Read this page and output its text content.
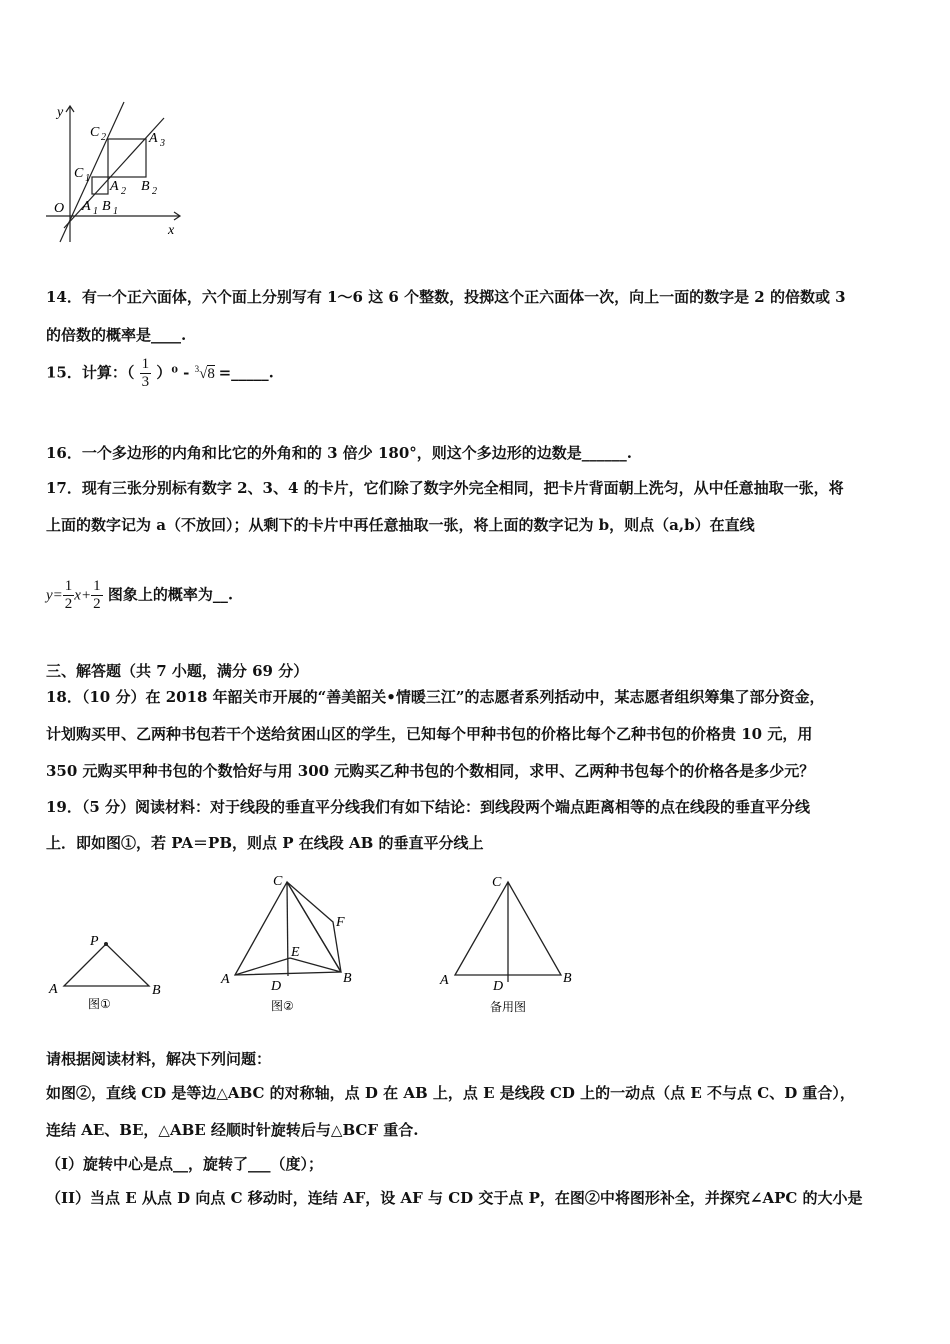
y
x
O
C 2	A 3
C 1
A 2 B 2
A 1 B 1
14．有一个正六面体，六个面上分别写有 1～6 这 6 个整数，投掷这个正六面体一次，向上一面的数字是 2 的倍数或 3
的倍数的概率是____.
15．计算：（ $\frac{1}{3} )^0 - ^3√8$ =_____.
16．一个多边形的内角和比它的外角和的 3 倍少 180°，则这个多边形的边数是______.
17．现有三张分别标有数字 2、3、4 的卡片，它们除了数字外完全相同，把卡片背面朝上洗匀，从中任意抽取一张，将
上面的数字记为 a（不放回）；从剩下的卡片中再任意抽取一张，将上面的数字记为 b，则点（a,b）在直线
$y= \frac{1}{2} x+ \frac{1}{2}$ 图象上的概率为__.
三、解答题（共 7 小题，满分 69 分）
18．（10 分）在 2018 年韶关市开展的“善美韶关•情暖三江”的志愿者系列括动中，某志愿者组织筹集了部分资金，
计划购买甲、乙两种书包若干个送给贫困山区的学生，已知每个甲种书包的价格比每个乙种书包的价格贵 10 元，用
350 元购买甲种书包的个数恰好与用 300 元购买乙种书包的个数相同，求甲、乙两种书包每个的价格各是多少元？
19．（5 分）阅读材料：对于线段的垂直平分线我们有如下结论：到线段两个端点距离相等的点在线段的垂直平分线
上．即如图①，若 PA＝PB，则点 P 在线段 AB 的垂直平分线上
P
A	B
图①
C
F
E
A	D
B
图②
C
A	D
B
备用图
请根据阅读材料，解决下列问题：
如图②，直线 CD 是等边△ABC 的对称轴，点 D 在 AB 上，点 E 是线段 CD 上的一动点（点 E 不与点 C、D 重合），
连结 AE、BE，△ABE 经顺时针旋转后与△BCF 重合.
（I）旋转中心是点__，旋转了___（度）；
（II）当点 E 从点 D 向点 C 移动时，连结 AF，设 AF 与 CD 交于点 P，在图②中将图形补全，并探究∠APC 的大小是
